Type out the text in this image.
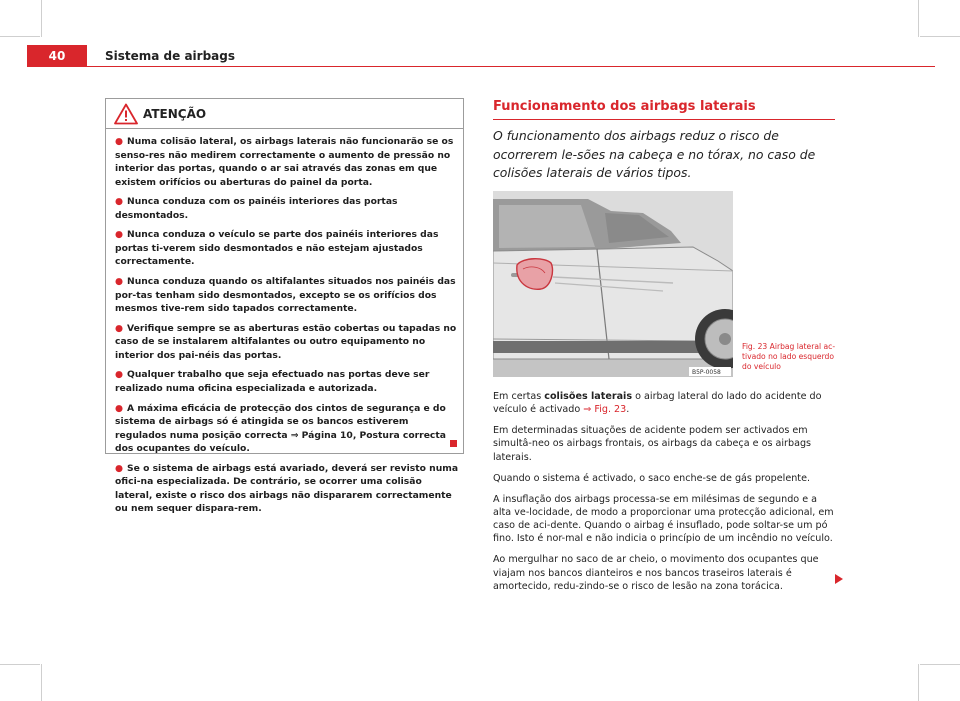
40	Sistema de airbags
ATENÇÃO
● Numa colisão lateral, os airbags laterais não funcionarão se os senso-res não medirem correctamente o aumento de pressão no interior das portas, quando o ar sai através das zonas em que existem orifícios ou aberturas do painel da porta.
● Nunca conduza com os painéis interiores das portas desmontados.
● Nunca conduza o veículo se parte dos painéis interiores das portas ti-verem sido desmontados e não estejam ajustados correctamente.
● Nunca conduza quando os altifalantes situados nos painéis das por-tas tenham sido desmontados, excepto se os orifícios dos mesmos tive-rem sido tapados correctamente.
● Verifique sempre se as aberturas estão cobertas ou tapadas no caso de se instalarem altifalantes ou outro equipamento no interior dos pai-néis das portas.
● Qualquer trabalho que seja efectuado nas portas deve ser realizado numa oficina especializada e autorizada.
● A máxima eficácia de protecção dos cintos de segurança e do sistema de airbags só é atingida se os bancos estiverem regulados numa posição correcta ⇒ Página 10, Postura correcta dos ocupantes do veículo.
● Se o sistema de airbags está avariado, deverá ser revisto numa ofici-na especializada. De contrário, se ocorrer uma colisão lateral, existe o risco dos airbags não dispararem correctamente ou nem sequer dispara-rem.
Funcionamento dos airbags laterais

O funcionamento dos airbags reduz o risco de ocorrerem le-sões na cabeça e no tórax, no caso de colisões laterais de vários tipos.

B5P-0058

Fig. 23 Airbag lateral ac-tivado no lado esquerdo do veículo

Em certas colisões laterais o airbag lateral do lado do acidente do veículo é activado ⇒ Fig. 23.

Em determinadas situações de acidente podem ser activados em simultâ-neo os airbags frontais, os airbags da cabeça e os airbags laterais.

Quando o sistema é activado, o saco enche-se de gás propelente.

A insuflação dos airbags processa-se em milésimas de segundo e a alta ve-locidade, de modo a proporcionar uma protecção adicional, em caso de aci-dente. Quando o airbag é insuflado, pode soltar-se um pó fino. Isto é nor-mal e não indicia o princípio de um incêndio no veículo.

Ao mergulhar no saco de ar cheio, o movimento dos ocupantes que viajam nos bancos dianteiros e nos bancos traseiros laterais é amortecido, redu-zindo-se o risco de lesão na zona torácica.
